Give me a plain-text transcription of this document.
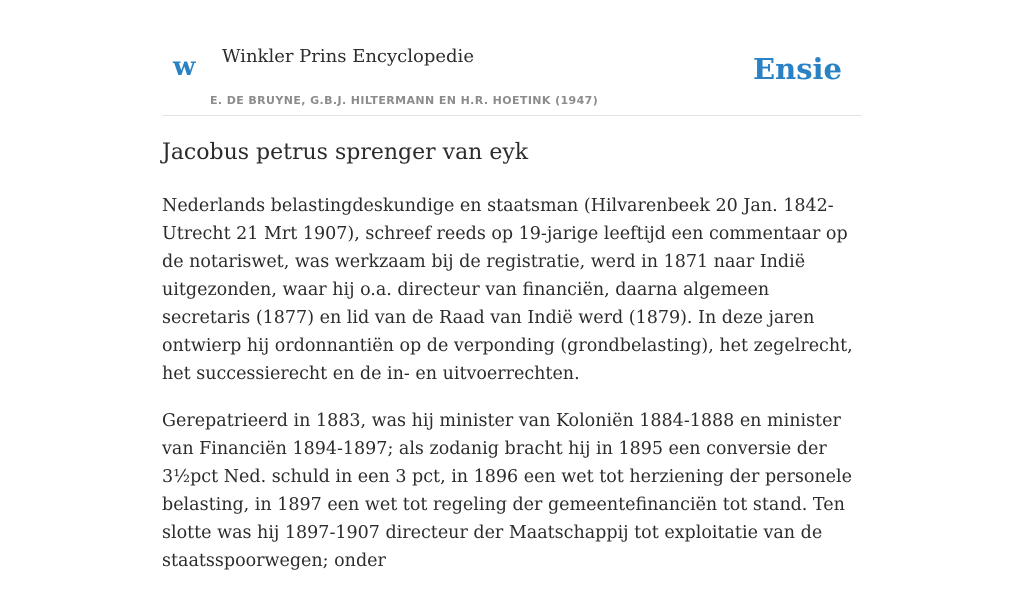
w Winkler Prins Encyclopedie
E. DE BRUYNE, G.B.J. HILTERMANN EN H.R. HOETINK (1947)
Ensie
Jacobus petrus sprenger van eyk

Nederlands belastingdeskundige en staatsman (Hilvarenbeek 20 Jan. 1842-Utrecht 21 Mrt 1907), schreef reeds op 19-jarige leeftijd een commentaar op de notariswet, was werkzaam bij de registratie, werd in 1871 naar Indië uitgezonden, waar hij o.a. directeur van financiën, daarna algemeen secretaris (1877) en lid van de Raad van Indië werd (1879). In deze jaren ontwierp hij ordonnantiën op de verponding (grondbelasting), het zegelrecht, het successierecht en de in- en uitvoerrechten.

Gerepatrieerd in 1883, was hij minister van Koloniën 1884-1888 en minister van Financiën 1894-1897; als zodanig bracht hij in 1895 een conversie der 3½pct Ned. schuld in een 3 pct, in 1896 een wet tot herziening der personele belasting, in 1897 een wet tot regeling der gemeentefinanciën tot stand. Ten slotte was hij 1897-1907 directeur der Maatschappij tot exploitatie van de staatsspoorwegen; onder
